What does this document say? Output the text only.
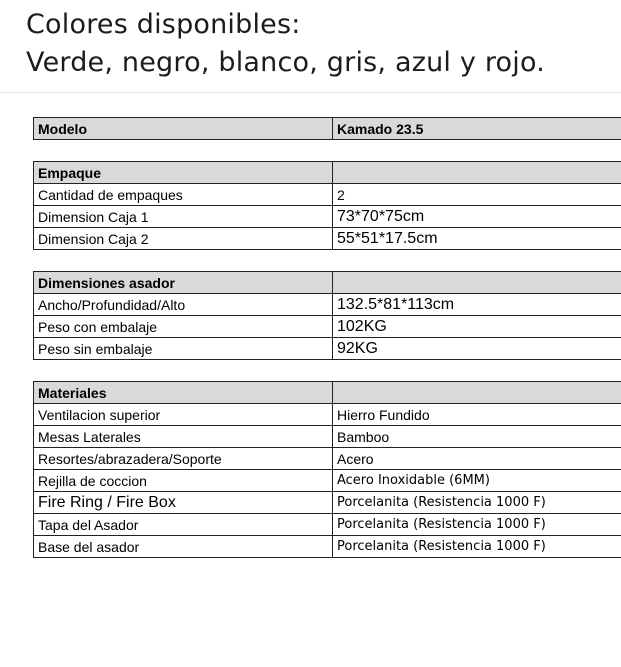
Colores disponibles:
Verde, negro, blanco, gris, azul y rojo.
Modelo	Kamado 23.5

Empaque	
Cantidad de empaques	2
Dimension Caja 1	73*70*75cm
Dimension Caja 2	55*51*17.5cm

Dimensiones asador	
Ancho/Profundidad/Alto	132.5*81*113cm
Peso con embalaje	102KG
Peso sin embalaje	92KG

Materiales	
Ventilacion superior	Hierro Fundido
Mesas Laterales	Bamboo
Resortes/abrazadera/Soporte	Acero
Rejilla de coccion	Acero Inoxidable (6MM)
Fire Ring / Fire Box	Porcelanita (Resistencia 1000 F)
Tapa del Asador	Porcelanita (Resistencia 1000 F)
Base del asador	Porcelanita (Resistencia 1000 F)
